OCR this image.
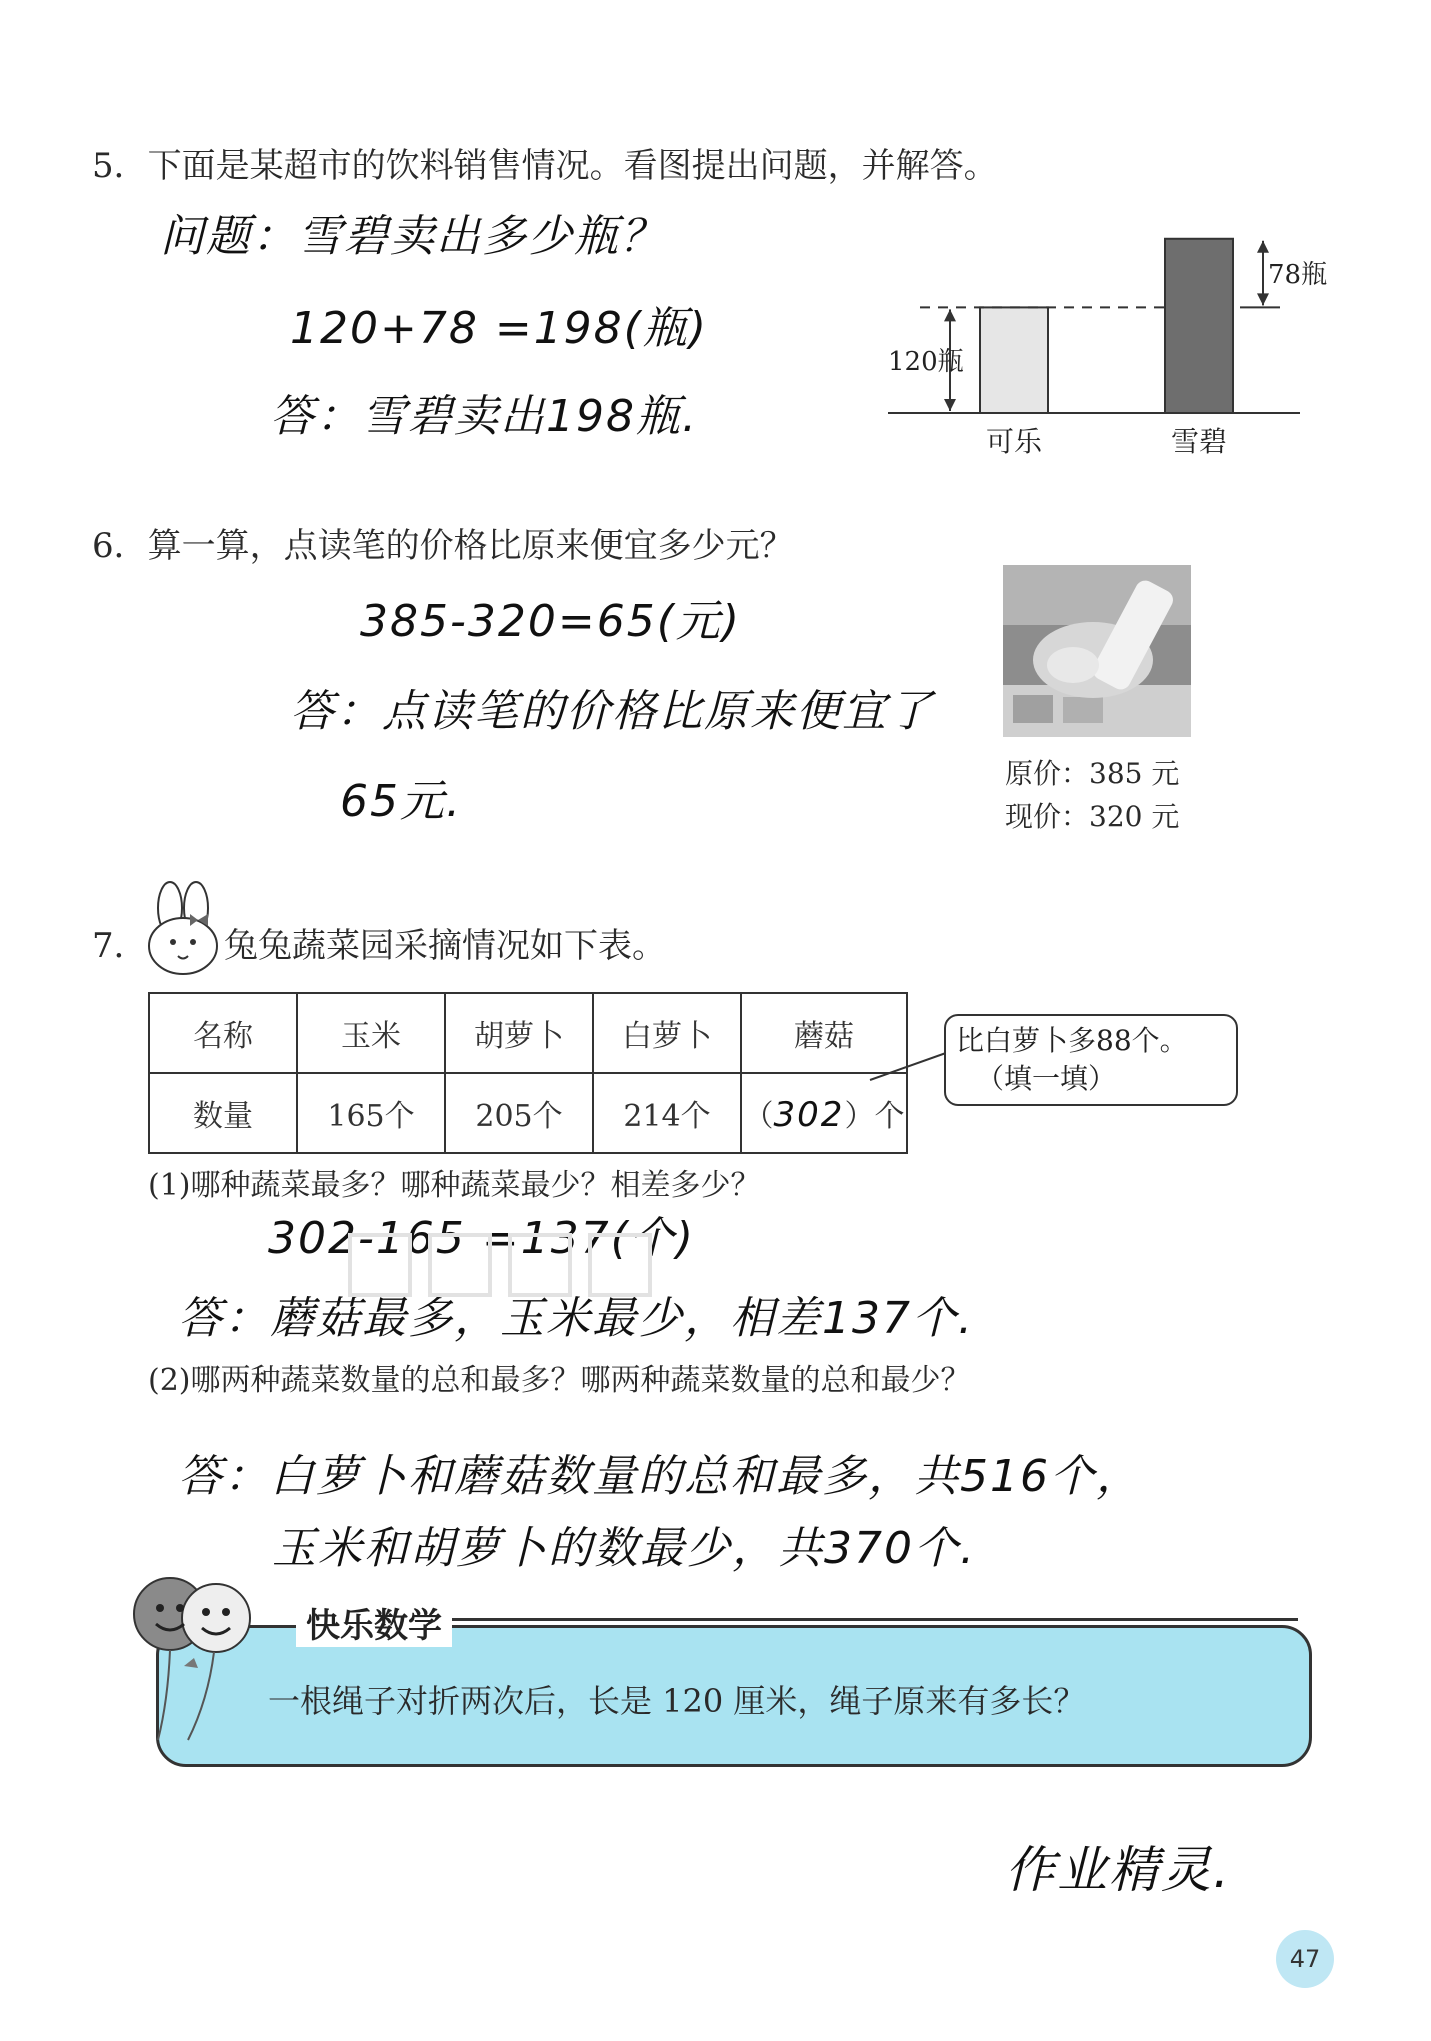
5．下面是某超市的饮料销售情况。看图提出问题，并解答。
问题：雪碧卖出多少瓶？
120+78 =198(瓶)
答：雪碧卖出198瓶.
120瓶
78瓶
可乐	雪碧
6．算一算，点读笔的价格比原来便宜多少元？
385-320=65(元)
答：点读笔的价格比原来便宜了
65元.
原价：385 元
现价：320 元
7． 兔兔蔬菜园采摘情况如下表。
名称	玉米	胡萝卜	白萝卜	蘑菇
数量	165个	205个	214个	（302）个
比白萝卜多88个。
（填一填）
(1)哪种蔬菜最多？哪种蔬菜最少？相差多少？
302-165 =137(个)
答：蘑菇最多，玉米最少，相差137个.
(2)哪两种蔬菜数量的总和最多？哪两种蔬菜数量的总和最少？
答：白萝卜和蘑菇数量的总和最多，共516个，
玉米和胡萝卜的数最少，共370个.
快乐数学
一根绳子对折两次后，长是 120 厘米，绳子原来有多长？
作业精灵.
47
